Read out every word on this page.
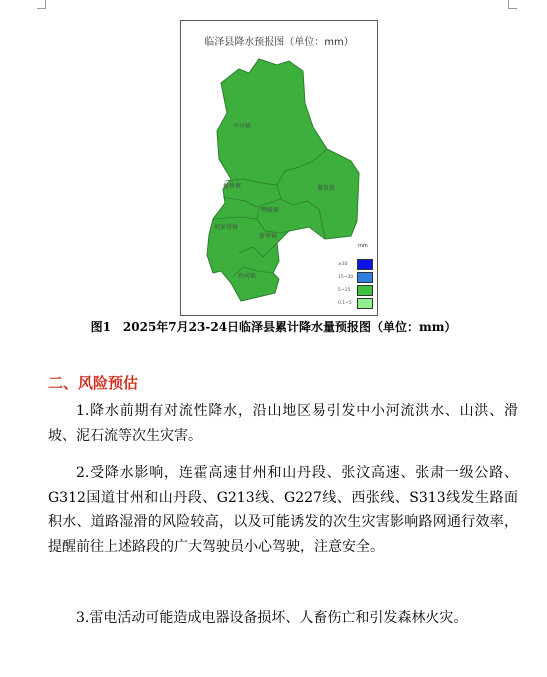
临泽县降水预报图（单位：mm）
平川镇
蓼泉镇
板桥镇
鸭暖镇
倪家营镇
新华镇
沙河镇
mm
≥30
15~30
5~15
0.1~5
图1　2025年7月23-24日临泽县累计降水量预报图（单位：mm）
二、风险预估

1.降水前期有对流性降水，沿山地区易引发中小河流洪水、山洪、滑坡、泥石流等次生灾害。

2.受降水影响，连霍高速甘州和山丹段、张汶高速、张肃一级公路、G312国道甘州和山丹段、G213线、G227线、西张线、S313线发生路面积水、道路湿滑的风险较高，以及可能诱发的次生灾害影响路网通行效率，提醒前往上述路段的广大驾驶员小心驾驶，注意安全。

3.雷电活动可能造成电器设备损坏、人畜伤亡和引发森林火灾。
